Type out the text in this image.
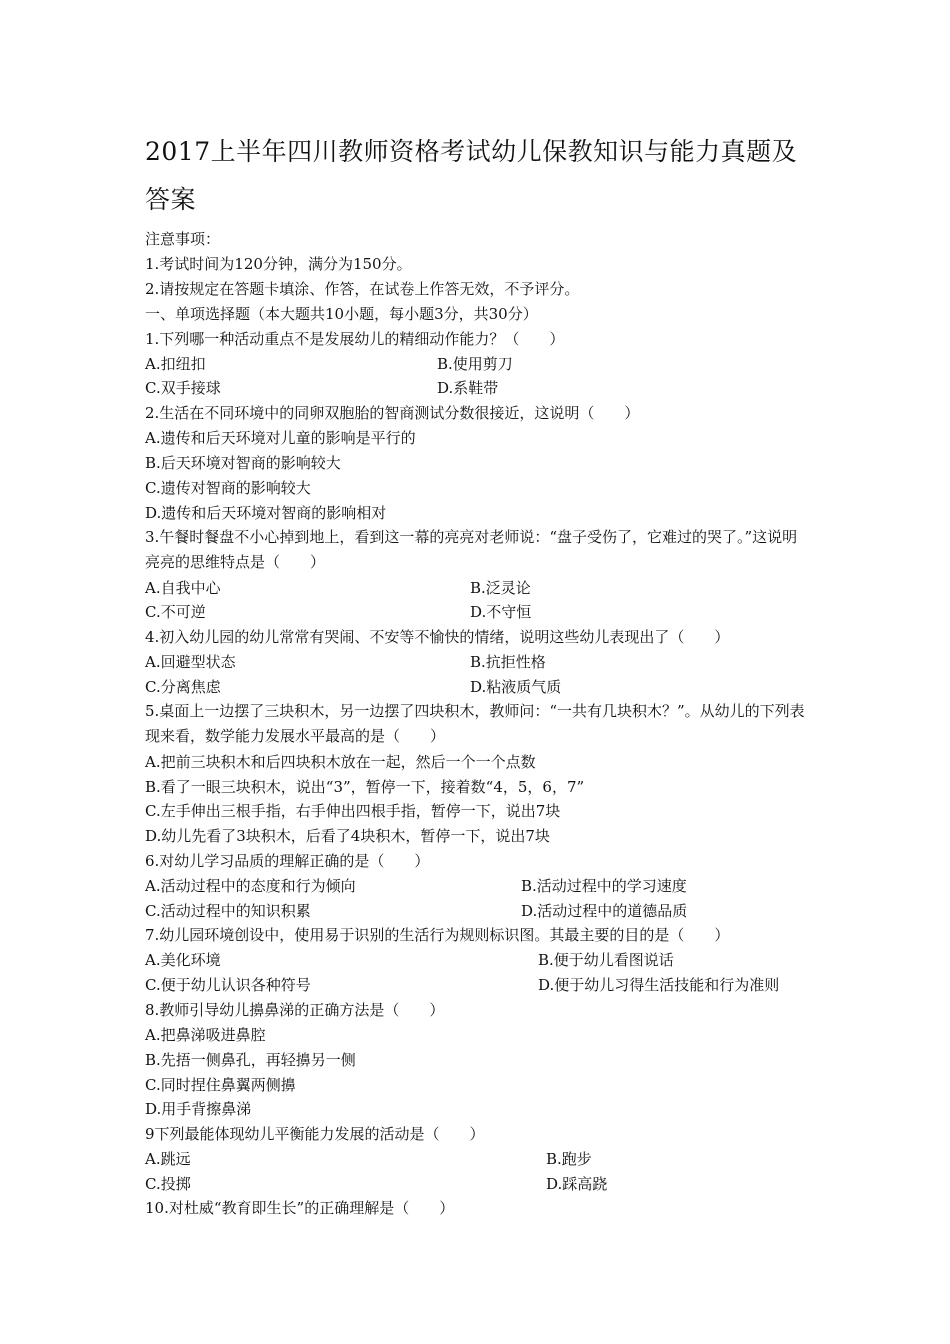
2017上半年四川教师资格考试幼儿保教知识与能力真题及
答案
注意事项：
1.考试时间为120分钟，满分为150分。
2.请按规定在答题卡填涂、作答，在试卷上作答无效，不予评分。
一、单项选择题（本大题共10小题，每小题3分，共30分）
1.下列哪一种活动重点不是发展幼儿的精细动作能力？（　　）
A.扣纽扣	B.使用剪刀
C.双手接球	D.系鞋带
2.生活在不同环境中的同卵双胞胎的智商测试分数很接近，这说明（　　）
A.遗传和后天环境对儿童的影响是平行的
B.后天环境对智商的影响较大
C.遗传对智商的影响较大
D.遗传和后天环境对智商的影响相对
3.午餐时餐盘不小心掉到地上，看到这一幕的亮亮对老师说：“盘子受伤了，它难过的哭了。”这说明亮亮的思维特点是（　　）
A.自我中心	B.泛灵论
C.不可逆	D.不守恒
4.初入幼儿园的幼儿常常有哭闹、不安等不愉快的情绪，说明这些幼儿表现出了（　　）
A.回避型状态	B.抗拒性格
C.分离焦虑	D.粘液质气质
5.桌面上一边摆了三块积木，另一边摆了四块积木，教师问：“一共有几块积木？”。从幼儿的下列表现来看，数学能力发展水平最高的是（　　）
A.把前三块积木和后四块积木放在一起，然后一个一个点数
B.看了一眼三块积木，说出“3”，暂停一下，接着数“4，5，6，7”
C.左手伸出三根手指，右手伸出四根手指，暂停一下，说出7块
D.幼儿先看了3块积木，后看了4块积木，暂停一下，说出7块
6.对幼儿学习品质的理解正确的是（　　）
A.活动过程中的态度和行为倾向	B.活动过程中的学习速度
C.活动过程中的知识积累	D.活动过程中的道德品质
7.幼儿园环境创设中，使用易于识别的生活行为规则标识图。其最主要的目的是（　　）
A.美化环境	B.便于幼儿看图说话
C.便于幼儿认识各种符号	D.便于幼儿习得生活技能和行为准则
8.教师引导幼儿擤鼻涕的正确方法是（　　）
A.把鼻涕吸进鼻腔
B.先捂一侧鼻孔，再轻擤另一侧
C.同时捏住鼻翼两侧擤
D.用手背擦鼻涕
9下列最能体现幼儿平衡能力发展的活动是（　　）
A.跳远	B.跑步
C.投掷	D.踩高跷
10.对杜威“教育即生长”的正确理解是（　　）
